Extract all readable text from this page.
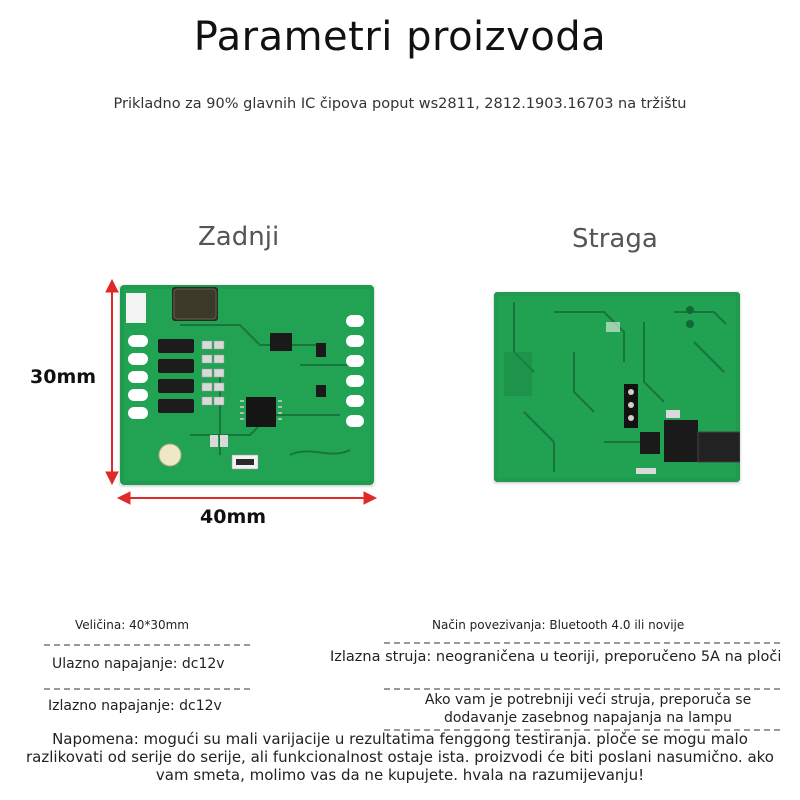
Parametri proizvoda
Prikladno za 90% glavnih IC čipova poput ws2811, 2812.1903.16703 na tržištu
Zadnji	Straga
30mm
40mm
Veličina: 40*30mm
Ulazno napajanje: dc12v
Izlazno napajanje: dc12v
Način povezivanja: Bluetooth 4.0 ili novije
Izlazna struja: neograničena u teoriji, preporučeno 5A na ploči
Ako vam je potrebniji veći struja, preporuča se dodavanje zasebnog napajanja na lampu
Napomena: mogući su mali varijacije u rezultatima fenggong testiranja. ploče se mogu malo razlikovati od serije do serije, ali funkcionalnost ostaje ista. proizvodi će biti poslani nasumično. ako vam smeta, molimo vas da ne kupujete. hvala na razumijevanju!
